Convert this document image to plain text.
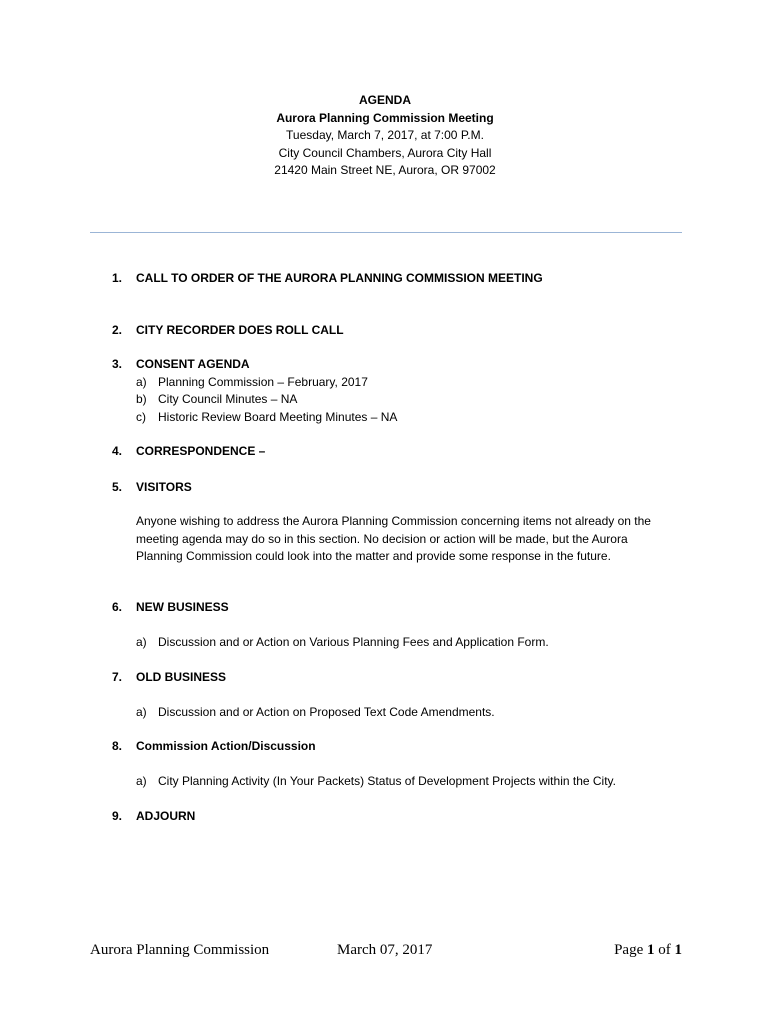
AGENDA
Aurora Planning Commission Meeting
Tuesday, March 7, 2017, at 7:00 P.M.
City Council Chambers, Aurora City Hall
21420 Main Street NE, Aurora, OR 97002
1.	CALL TO ORDER OF THE AURORA PLANNING COMMISSION MEETING
2.	CITY RECORDER DOES ROLL CALL
3.	CONSENT AGENDA
a) Planning Commission – February, 2017
b) City Council Minutes – NA
c) Historic Review Board Meeting Minutes – NA
4.	CORRESPONDENCE –
5.	VISITORS
Anyone wishing to address the Aurora Planning Commission concerning items not already on the meeting agenda may do so in this section. No decision or action will be made, but the Aurora Planning Commission could look into the matter and provide some response in the future.
6.	NEW BUSINESS
a) Discussion and or Action on Various Planning Fees and Application Form.
7.	OLD BUSINESS
a) Discussion and or Action on Proposed Text Code Amendments.
8.	Commission Action/Discussion
a) City Planning Activity (In Your Packets) Status of Development Projects within the City.
9.	ADJOURN
Aurora Planning Commission	March 07, 2017	Page 1 of 1
